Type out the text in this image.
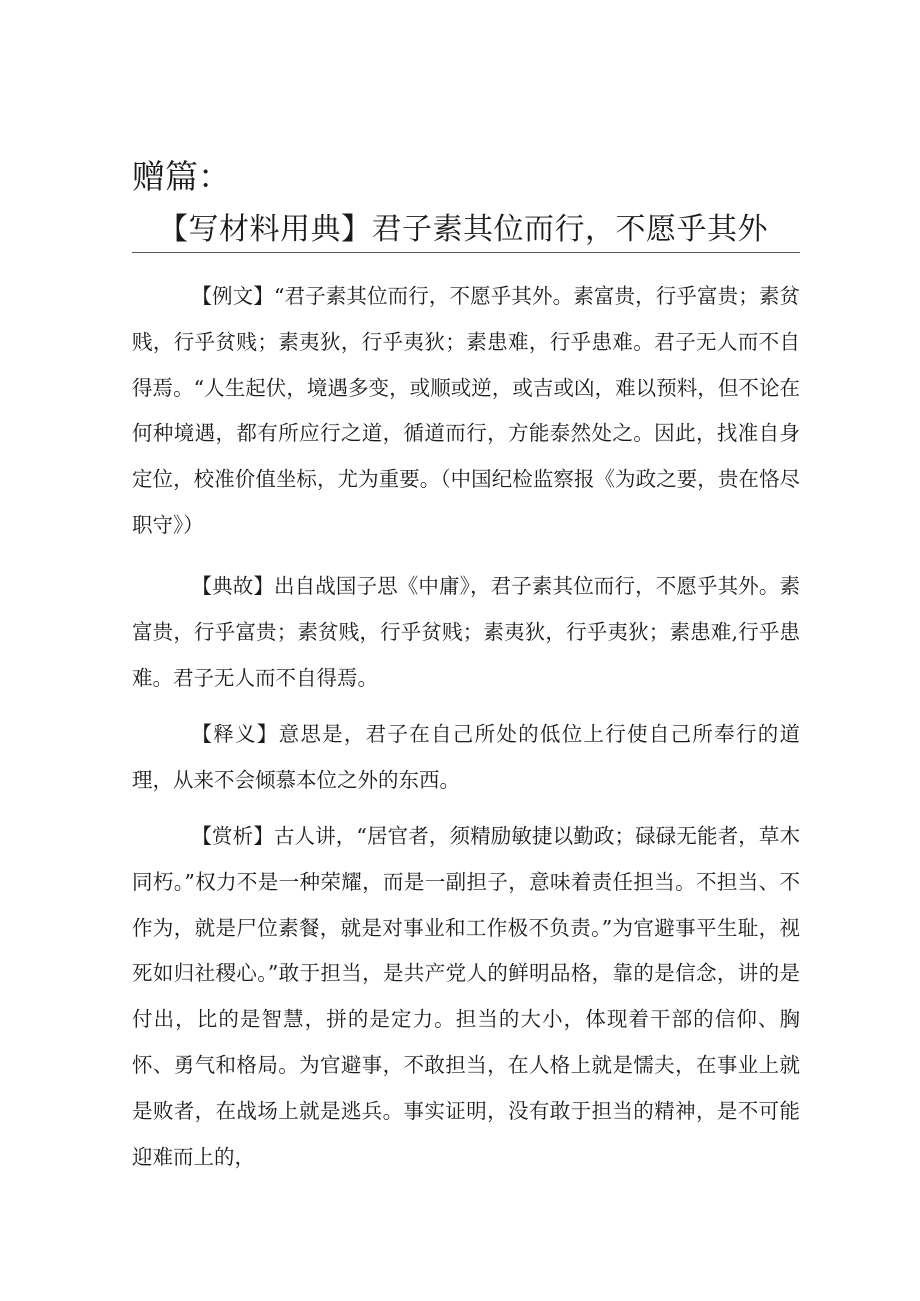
赠篇：
【写材料用典】君子素其位而行，不愿乎其外

【例文】“君子素其位而行，不愿乎其外。素富贵，行乎富贵；素贫贱，行乎贫贱；素夷狄，行乎夷狄；素患难，行乎患难。君子无人而不自得焉。“人生起伏，境遇多变，或顺或逆，或吉或凶，难以预料，但不论在何种境遇，都有所应行之道，循道而行，方能泰然处之。因此，找准自身定位，校准价值坐标，尤为重要。（中国纪检监察报《为政之要，贵在恪尽职守》）

【典故】出自战国子思《中庸》，君子素其位而行，不愿乎其外。素富贵，行乎富贵；素贫贱，行乎贫贱；素夷狄，行乎夷狄；素患难,行乎患难。君子无人而不自得焉。

【释义】意思是，君子在自己所处的低位上行使自己所奉行的道理，从来不会倾慕本位之外的东西。

【赏析】古人讲，“居官者，须精励敏捷以勤政；碌碌无能者，草木同朽。”权力不是一种荣耀，而是一副担子，意味着责任担当。不担当、不作为，就是尸位素餐，就是对事业和工作极不负责。”为官避事平生耻，视死如归社稷心。”敢于担当，是共产党人的鲜明品格，靠的是信念，讲的是付出，比的是智慧，拼的是定力。担当的大小，体现着干部的信仰、胸怀、勇气和格局。为官避事，不敢担当，在人格上就是懦夫，在事业上就是败者，在战场上就是逃兵。事实证明，没有敢于担当的精神，是不可能迎难而上的，
